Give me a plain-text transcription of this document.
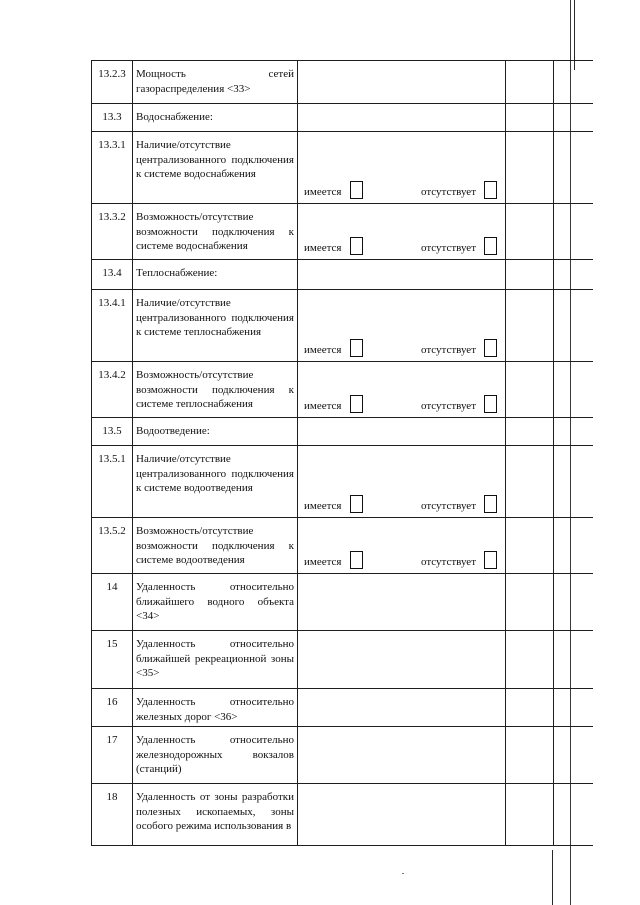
13.2.3	Мощность сетей газораспределения <33>			

13.3	Водоснабжение:			

13.3.1	Наличие/отсутствие централизованного подключения к системе водоснабжения	имеется отсутствует		

13.3.2	Возможность/отсутствие возможности подключения к системе водоснабжения	имеется отсутствует		

13.4	Теплоснабжение:			

13.4.1	Наличие/отсутствие централизованного подключения к системе теплоснабжения	имеется отсутствует		

13.4.2	Возможность/отсутствие возможности подключения к системе теплоснабжения	имеется отсутствует		

13.5	Водоотведение:			

13.5.1	Наличие/отсутствие централизованного подключения к системе водоотведения	имеется отсутствует		

13.5.2	Возможность/отсутствие возможности подключения к системе водоотведения	имеется отсутствует		

14	Удаленность относительно ближайшего водного объекта <34>			

15	Удаленность относительно ближайшей рекреационной зоны <35>			

16	Удаленность относительно железных дорог <36>			

17	Удаленность относительно железнодорожных вокзалов (станций)			

18	Удаленность от зоны разработки полезных ископаемых, зоны особого режима использования в			
